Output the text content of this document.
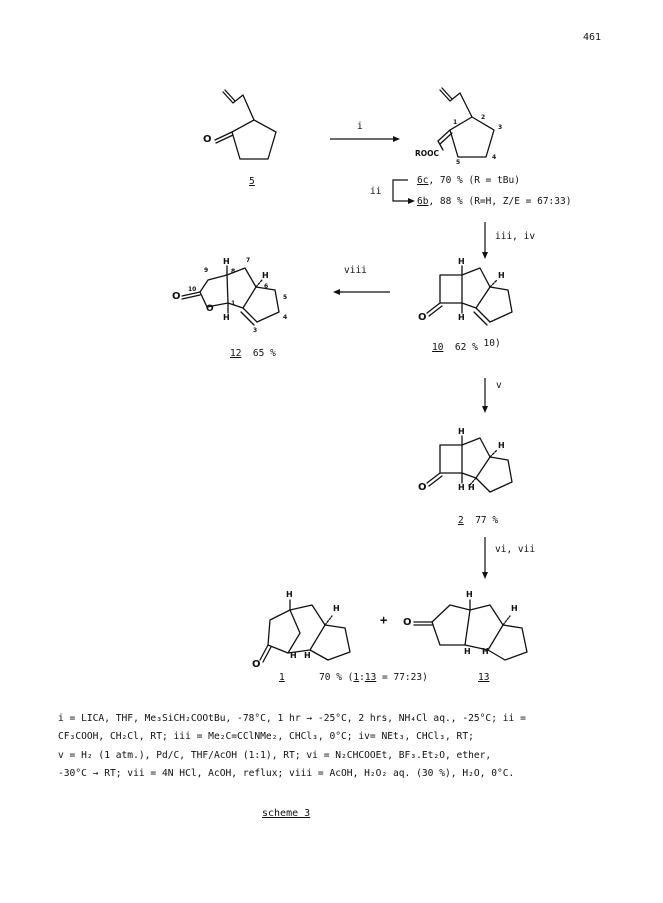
461
O
ROOC
1
2
3
4
5
H
H
H
O
O
O
H
H
H
7
8
9
10
1
6
5
4
3
H
H
H
H
O
H
H
H H
O
H
H
H H
O
i
ii
iii, iv
viii
v
vi, vii
5	6c, 70 % (R = tBu)
6b, 88 % (R=H, Z/E = 67:33)
10 62 % 10)
12 65 %
2 77 %
+
1	70 % (1:13 = 77:23)	13
i = LICA, THF, Me₃SiCH₂COOtBu, -78°C, 1 hr → -25°C, 2 hrs, NH₄Cl aq., -25°C; ii =
CF₃COOH, CH₂Cl, RT; iii = Me₂C=CClNMe₂, CHCl₃, 0°C; iv= NEt₃, CHCl₃, RT;
v = H₂ (1 atm.), Pd/C, THF/AcOH (1:1), RT; vi = N₂CHCOOEt, BF₃.Et₂O, ether,
-30°C → RT; vii = 4N HCl, AcOH, reflux; viii = AcOH, H₂O₂ aq. (30 %), H₂O, 0°C.
scheme 3
